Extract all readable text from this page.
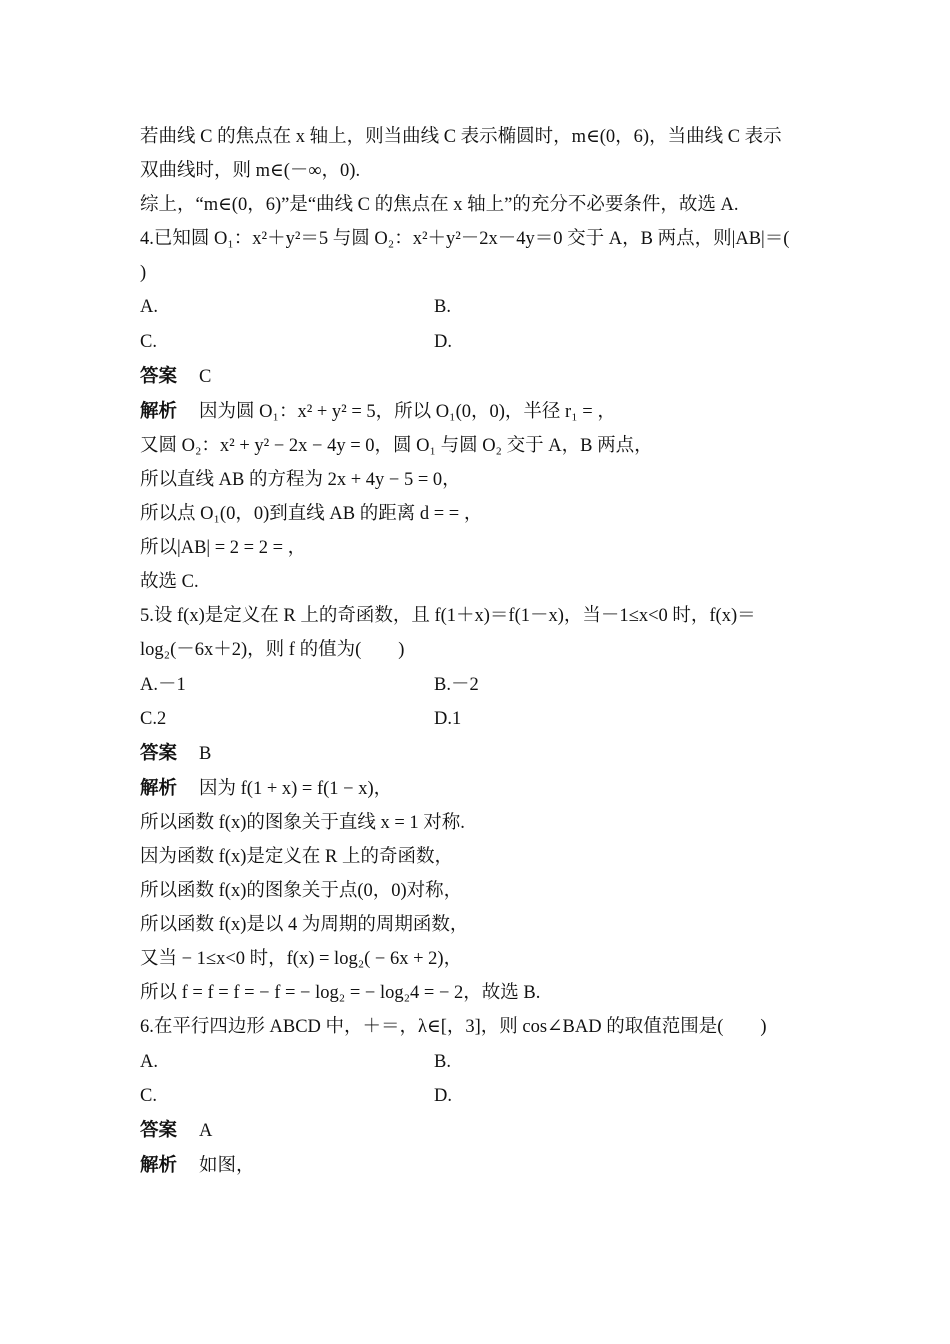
若曲线 C 的焦点在 x 轴上，则当曲线 C 表示椭圆时，m∈(0，6)，当曲线 C 表示
双曲线时，则 m∈(－∞，0).
综上，“m∈(0，6)”是“曲线 C 的焦点在 x 轴上”的充分不必要条件，故选 A.
4.已知圆 O₁：x²＋y²＝5 与圆 O₂：x²＋y²－2x－4y＝0 交于 A，B 两点，则|AB|＝(
)
A.	B.
C.	D.
答案 C
解析 因为圆 O₁：x² + y² = 5，所以 O₁(0，0)，半径 r₁ = ，
又圆 O₂：x² + y² − 2x − 4y = 0，圆 O₁ 与圆 O₂ 交于 A，B 两点，
所以直线 AB 的方程为 2x + 4y − 5 = 0，
所以点 O₁(0，0)到直线 AB 的距离 d = = ，
所以|AB| = 2 = 2 = ，
故选 C.
5.设 f(x)是定义在 R 上的奇函数，且 f(1＋x)＝f(1－x)，当－1≤x<0 时，f(x)＝
log₂(－6x＋2)，则 f 的值为(　　)
A.－1	B.－2
C.2	D.1
答案 B
解析 因为 f(1 + x) = f(1 − x)，
所以函数 f(x)的图象关于直线 x = 1 对称.
因为函数 f(x)是定义在 R 上的奇函数，
所以函数 f(x)的图象关于点(0，0)对称，
所以函数 f(x)是以 4 为周期的周期函数，
又当 − 1≤x<0 时，f(x) = log₂( − 6x + 2)，
所以 f = f = f = − f = − log₂ = − log₂4 = − 2，故选 B.
6.在平行四边形 ABCD 中，＋＝，λ∈[，3]，则 cos∠BAD 的取值范围是(　　)
A.	B.
C.	D.
答案 A
解析 如图，
